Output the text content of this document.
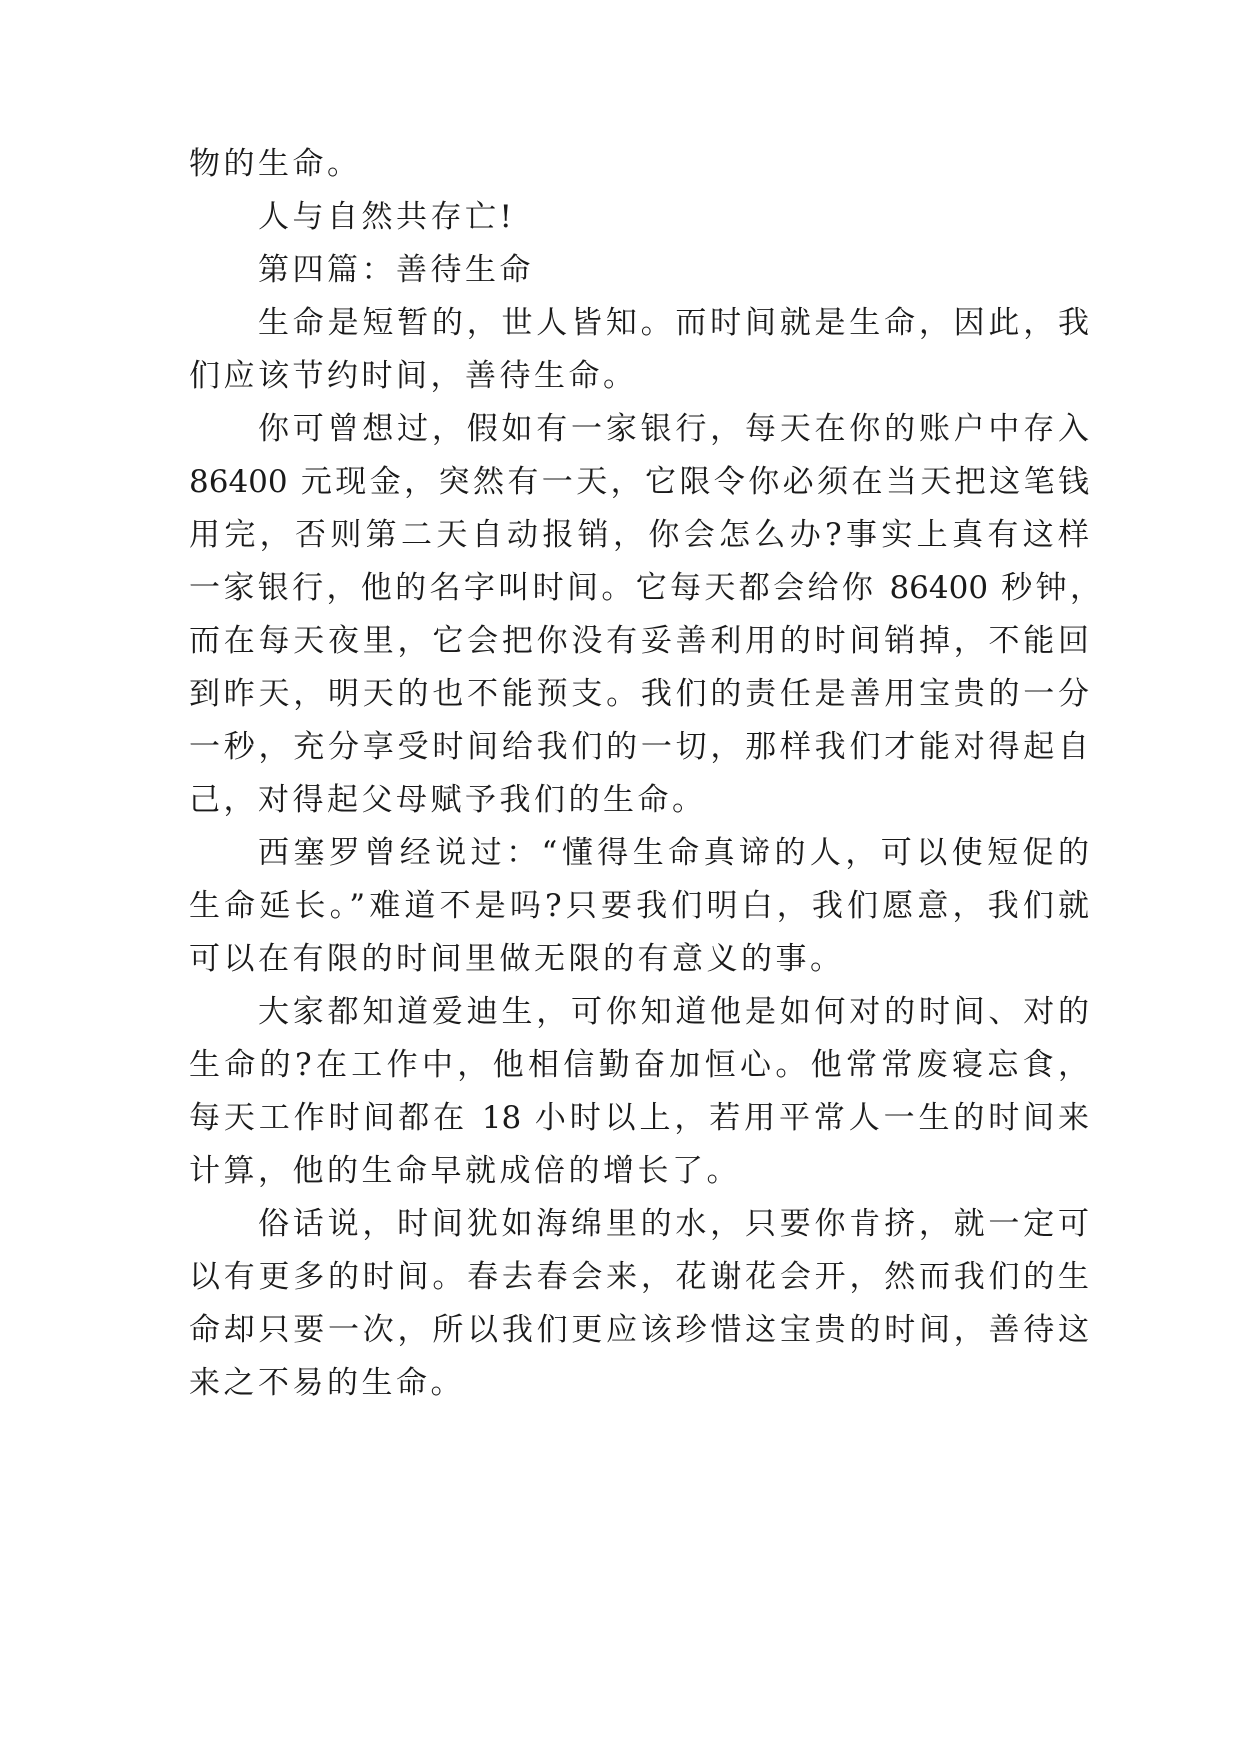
物的生命。

人与自然共存亡!

第四篇：善待生命

生命是短暂的，世人皆知。而时间就是生命，因此，我

们应该节约时间，善待生命。

你可曾想过，假如有一家银行，每天在你的账户中存入

86400 元现金，突然有一天，它限令你必须在当天把这笔钱

用完，否则第二天自动报销，你会怎么办?事实上真有这样

一家银行，他的名字叫时间。它每天都会给你 86400 秒钟，

而在每天夜里，它会把你没有妥善利用的时间销掉，不能回

到昨天，明天的也不能预支。我们的责任是善用宝贵的一分

一秒，充分享受时间给我们的一切，那样我们才能对得起自

己，对得起父母赋予我们的生命。

西塞罗曾经说过：“懂得生命真谛的人，可以使短促的

生命延长。”难道不是吗?只要我们明白，我们愿意，我们就

可以在有限的时间里做无限的有意义的事。

大家都知道爱迪生，可你知道他是如何对的时间、对的

生命的?在工作中，他相信勤奋加恒心。他常常废寝忘食，

每天工作时间都在 18 小时以上，若用平常人一生的时间来

计算，他的生命早就成倍的增长了。

俗话说，时间犹如海绵里的水，只要你肯挤，就一定可

以有更多的时间。春去春会来，花谢花会开，然而我们的生

命却只要一次，所以我们更应该珍惜这宝贵的时间，善待这

来之不易的生命。
